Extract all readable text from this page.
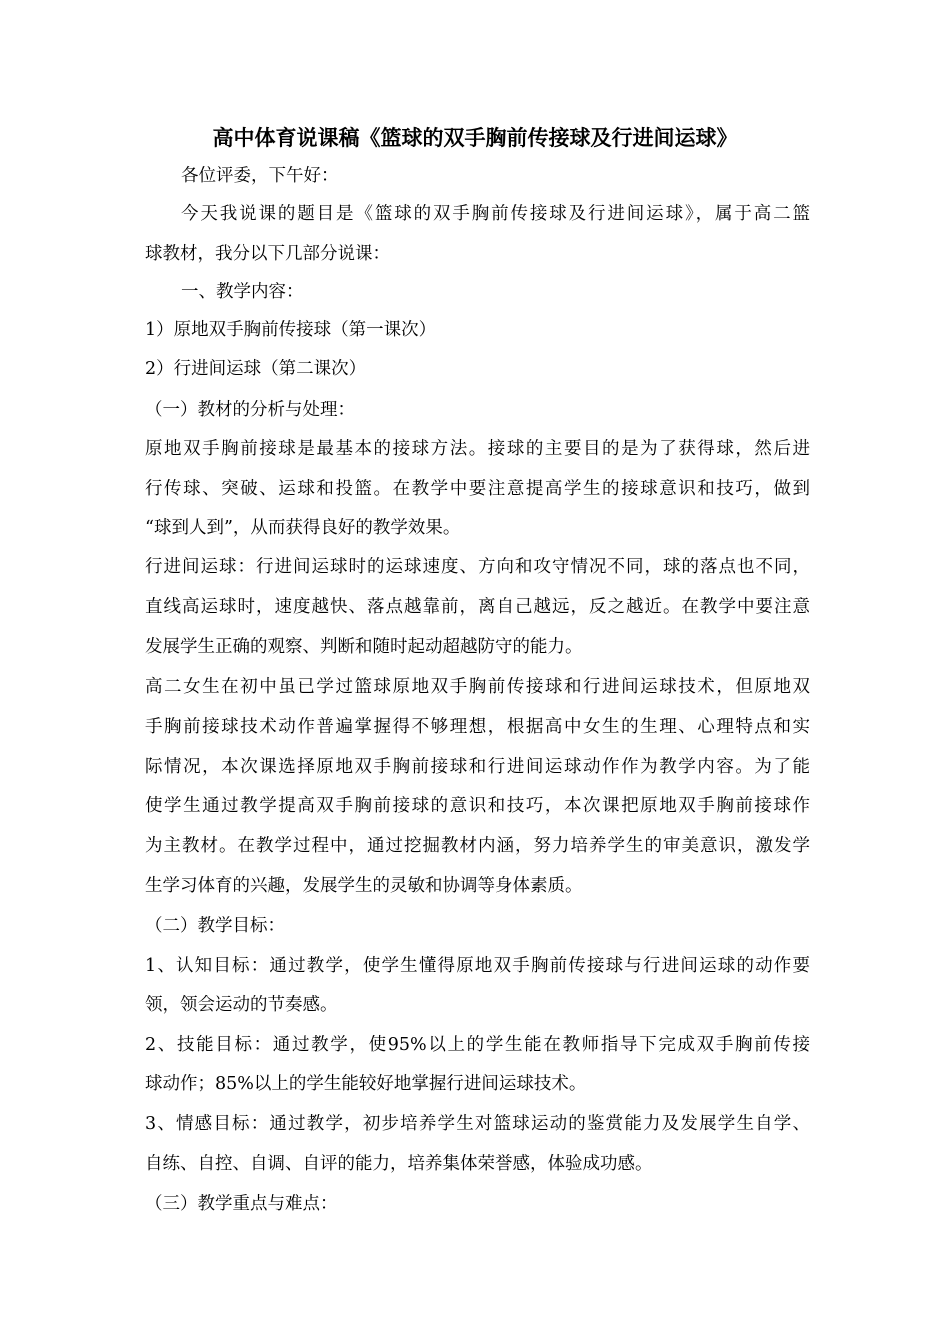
高中体育说课稿《篮球的双手胸前传接球及行进间运球》
各位评委，下午好：
今天我说课的题目是《篮球的双手胸前传接球及行进间运球》，属于高二篮
球教材，我分以下几部分说课：
一、教学内容：
1）原地双手胸前传接球（第一课次）
2）行进间运球（第二课次）
（一）教材的分析与处理：
原地双手胸前接球是最基本的接球方法。接球的主要目的是为了获得球，然后进
行传球、突破、运球和投篮。在教学中要注意提高学生的接球意识和技巧，做到
“球到人到”，从而获得良好的教学效果。
行进间运球：行进间运球时的运球速度、方向和攻守情况不同，球的落点也不同，
直线高运球时，速度越快、落点越靠前，离自己越远，反之越近。在教学中要注意
发展学生正确的观察、判断和随时起动超越防守的能力。
高二女生在初中虽已学过篮球原地双手胸前传接球和行进间运球技术，但原地双
手胸前接球技术动作普遍掌握得不够理想，根据高中女生的生理、心理特点和实
际情况，本次课选择原地双手胸前接球和行进间运球动作作为教学内容。为了能
使学生通过教学提高双手胸前接球的意识和技巧，本次课把原地双手胸前接球作
为主教材。在教学过程中，通过挖掘教材内涵，努力培养学生的审美意识，激发学
生学习体育的兴趣，发展学生的灵敏和协调等身体素质。
（二）教学目标：
1、认知目标：通过教学，使学生懂得原地双手胸前传接球与行进间运球的动作要
领，领会运动的节奏感。
2、技能目标：通过教学，使95%以上的学生能在教师指导下完成双手胸前传接
球动作；85%以上的学生能较好地掌握行进间运球技术。
3、情感目标：通过教学，初步培养学生对篮球运动的鉴赏能力及发展学生自学、
自练、自控、自调、自评的能力，培养集体荣誉感，体验成功感。
（三）教学重点与难点：
